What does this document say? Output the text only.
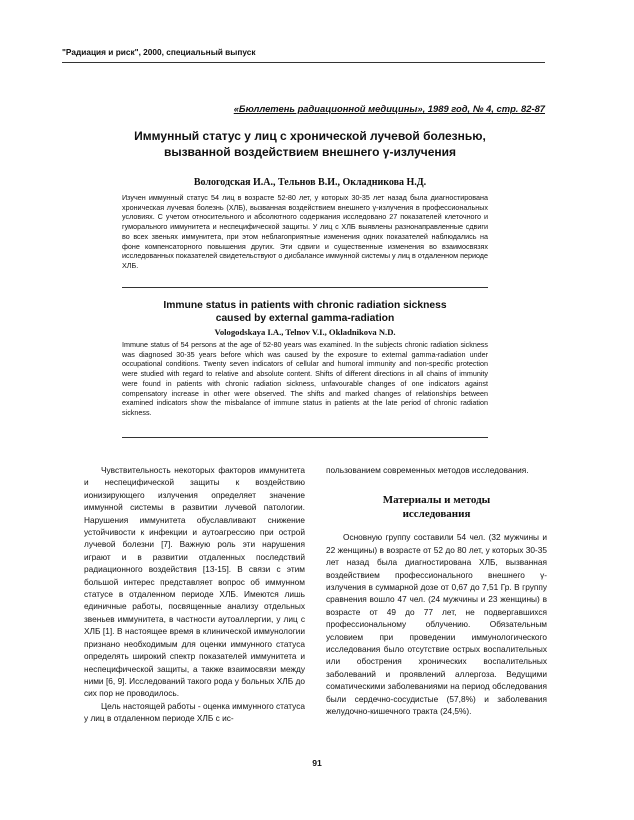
"Радиация и риск", 2000, специальный выпуск
«Бюллетень радиационной медицины», 1989 год, № 4, стр. 82-87
Иммунный статус у лиц с хронической лучевой болезнью,
вызванной воздействием внешнего γ-излучения
Вологодская И.А., Тельнов В.И., Окладникова Н.Д.
Изучен иммунный статус 54 лиц в возрасте 52-80 лет, у которых 30-35 лет назад была диагностирована хроническая лучевая болезнь (ХЛБ), вызванная воздействием внешнего γ-излучения в профессиональных условиях. С учетом относительного и абсолютного содержания исследовано 27 показателей клеточного и гуморального иммунитета и неспецифической защиты. У лиц с ХЛБ выявлены разнонаправленные сдвиги во всех звеньях иммунитета, при этом неблагоприятные изменения одних показателей наблюдались на фоне компенсаторного повышения других. Эти сдвиги и существенные изменения во взаимосвязях исследованных показателей свидетельствуют о дисбалансе иммунной системы у лиц в отдаленном периоде ХЛБ.
Immune status in patients with chronic radiation sickness
caused by external gamma-radiation
Vologodskaya I.A., Telnov V.I., Okladnikova N.D.
Immune status of 54 persons at the age of 52-80 years was examined. In the subjects chronic radiation sickness was diagnosed 30-35 years before which was caused by the exposure to external gamma-radiation under occupational conditions. Twenty seven indicators of cellular and humoral immunity and non-specific protection were studied with regard to relative and absolute content. Shifts of different directions in all chains of immunity were found in patients with chronic radiation sickness, unfavourable changes of one indicators against compensatory increase in other were observed. The shifts and marked changes of relationships between examined indicators show the misbalance of immune status in patients at the late period of chronic radiation sickness.

Чувствительность некоторых факторов иммунитета и неспецифической защиты к воздействию ионизирующего излучения определяет значение иммунной системы в развитии лучевой патологии. Нарушения иммунитета обуславливают снижение устойчивости к инфекции и аутоагрессию при острой лучевой болезни [7]. Важную роль эти нарушения играют и в развитии отдаленных последствий радиационного воздействия [13-15]. В связи с этим большой интерес представляет вопрос об иммунном статусе в отдаленном периоде ХЛБ. Имеются лишь единичные работы, посвященные анализу отдельных звеньев иммунитета, в частности аутоаллергии, у лиц с ХЛБ [1]. В настоящее время в клинической иммунологии признано необходимым для оценки иммунного статуса определять широкий спектр показателей иммунитета и неспецифической защиты, а также взаимосвязи между ними [6, 9]. Исследований такого рода у больных ХЛБ до сих пор не проводилось.

Цель настоящей работы - оценка иммунного статуса у лиц в отдаленном периоде ХЛБ с ис-

пользованием современных методов исследования.

Материалы и методы
исследования

Основную группу составили 54 чел. (32 мужчины и 22 женщины) в возрасте от 52 до 80 лет, у которых 30-35 лет назад была диагностирована ХЛБ, вызванная воздействием профессионального внешнего γ-излучения в суммарной дозе от 0,67 до 7,51 Гр. В группу сравнения вошло 47 чел. (24 мужчины и 23 женщины) в возрасте от 49 до 77 лет, не подвергавшихся профессиональному облучению. Обязательным условием при проведении иммунологического исследования было отсутствие острых воспалительных или обострения хронических воспалительных заболеваний и проявлений аллергоза. Ведущими соматическими заболеваниями на период обследования были сердечно-сосудистые (57,8%) и заболевания желудочно-кишечного тракта (24,5%).

91
